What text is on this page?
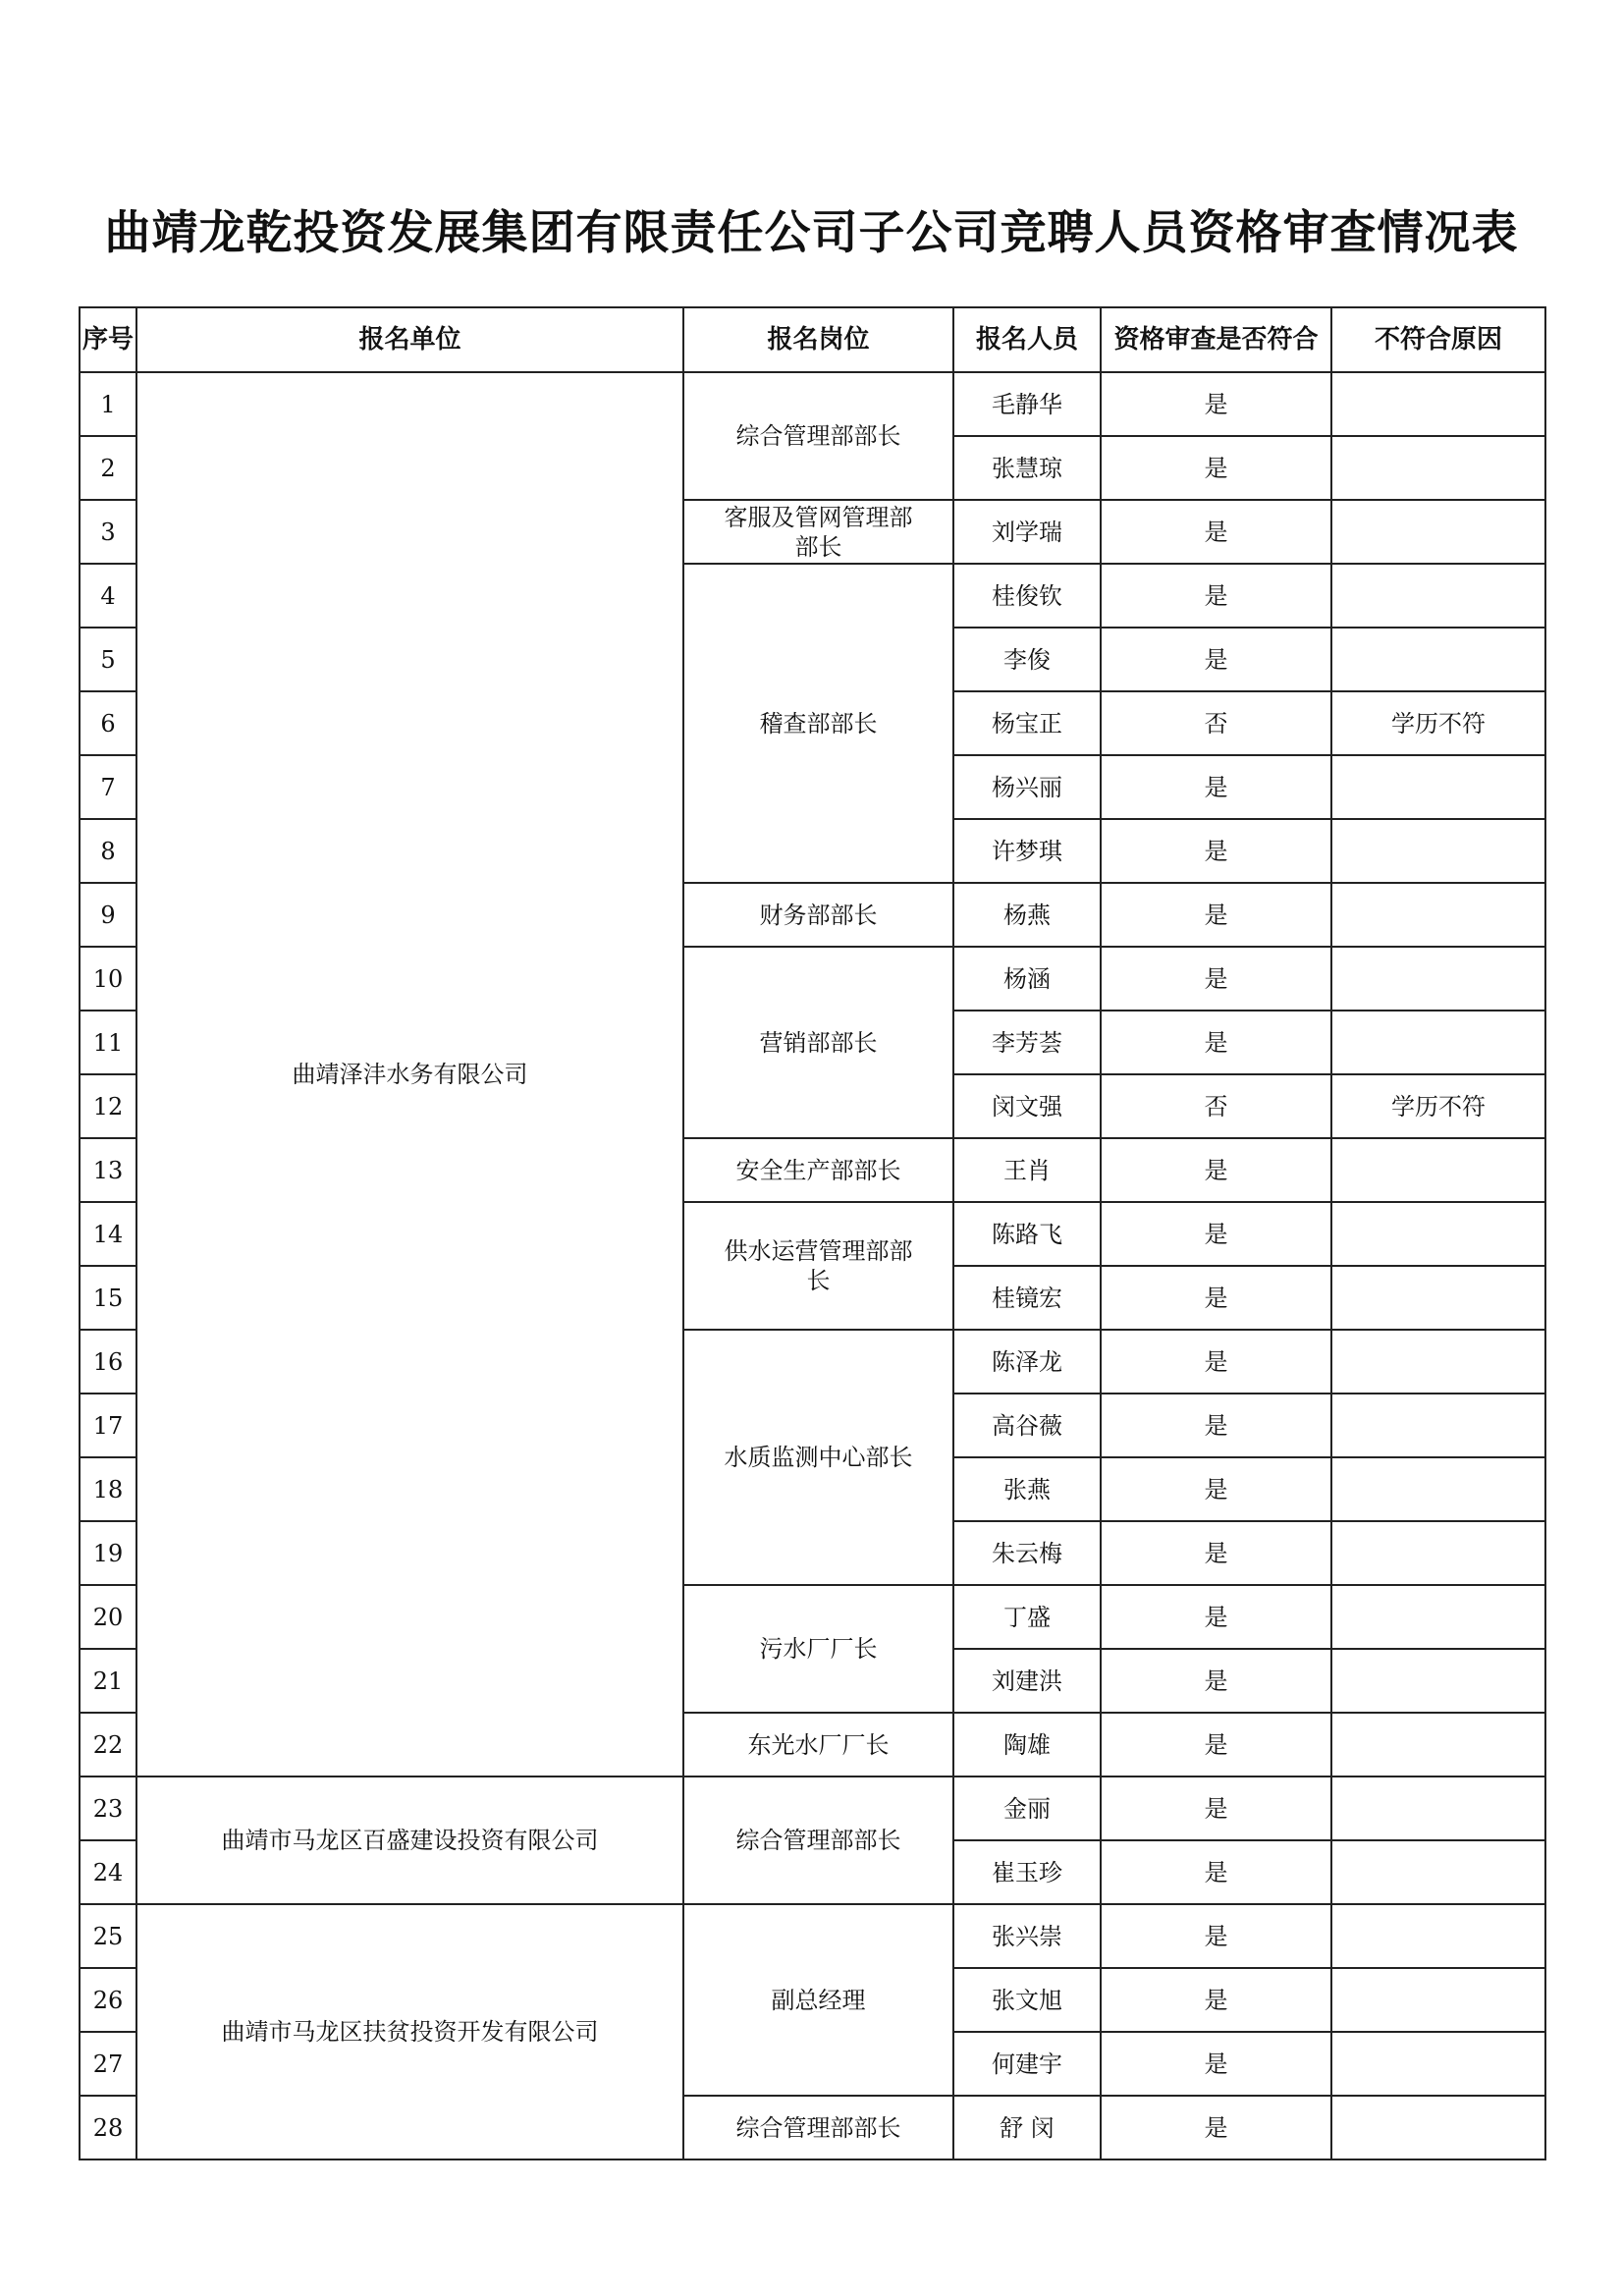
曲靖龙乾投资发展集团有限责任公司子公司竞聘人员资格审查情况表
序号	报名单位	报名岗位	报名人员	资格审查是否符合	不符合原因
1	曲靖泽沣水务有限公司	综合管理部部长	毛静华	是	
2			张慧琼	是	
3		客服及管网管理部部长	刘学瑞	是	
4		稽查部部长	桂俊钦	是	
5			李俊	是	
6			杨宝正	否	学历不符
7			杨兴丽	是	
8			许梦琪	是	
9		财务部部长	杨燕	是	
10		营销部部长	杨涵	是	
11			李芳荟	是	
12			闵文强	否	学历不符
13		安全生产部部长	王肖	是	
14		供水运营管理部部长	陈路飞	是	
15			桂镜宏	是	
16		水质监测中心部长	陈泽龙	是	
17			高谷薇	是	
18			张燕	是	
19			朱云梅	是	
20		污水厂厂长	丁盛	是	
21			刘建洪	是	
22		东光水厂厂长	陶雄	是	
23	曲靖市马龙区百盛建设投资有限公司	综合管理部部长	金丽	是	
24			崔玉珍	是	
25	曲靖市马龙区扶贫投资开发有限公司	副总经理	张兴崇	是	
26			张文旭	是	
27			何建宇	是	
28		综合管理部部长	舒 闵	是	
